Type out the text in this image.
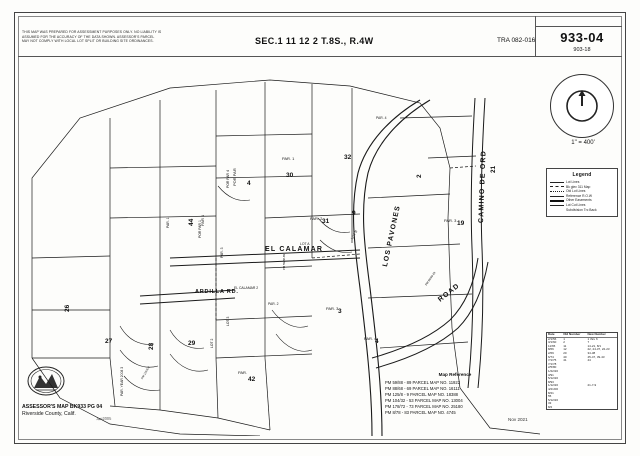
THIS MAP WAS PREPARED FOR ASSESSMENT PURPOSES ONLY. NO LIABILITY IS ASSUMED FOR THE ACCURACY OF THE DATA SHOWN. ASSESSOR'S PARCEL MAY NOT COMPLY WITH LOCAL LOT SPLIT OR BUILDING SITE ORDINANCES.	SEC.1 11 12 2 T.8S., R.4W	TRA 082-016	933-04
903-18
1" = 400'
Legend
Lot Lines
Bk glev 311 Map
Old Lot Lines
Reference R.O.W
Other Easements
Lot Cut Lines
Subdivision Trc Back
Date	Old Number	New Number
2/1/56	1	1 thru 6
3/1/60	2	7
11/65	11	14-21, 8/1
8/66	12	22, 24-37, 22-23
2/69	20	34-38
6/74	40	45-47, 39-43
7/1/75	41	44
7/1/78		
2/5/80		
1/22/20		
3/91		
5/12/20		
8/93		
1/12/20		21-7-9
4/21/00		
8/21		
55		
5/12/20		
33		
8/2		
Map Reference
PM 59/88 - 89 PARCEL MAP NO. 11922
PM 88/68 - 69 PARCEL MAP NO. 16111
PM 125/8 - 9 PARCEL MAP NO. 18388
PM 104/32 - 53 PARCEL MAP NO. 13004
PM 178/72 - 73 PARCEL MAP NO. 25180
PM 8/78 - 83 PARCEL MAP NO. 4745
ASSESSOR'S MAP BK933 PG 04
Riverside County, Calif.
Jan2005	Nov 2021
EL CALAMAR
ARDILLA RD.
LOS PAVONES
ROAD
CAMINO DE ORD
26
27
28	29
44 PAR 1
4
POR PAR	30
PAR. 1	32
31
PAR. 2
9
19
PAR. 3
21
2
3
PAR. 3
4
PAR. 4
42
PAR.
LOT A
LOT B
LOT 2
LOT 3
PAR. 1
PAR. 2
PAR. 3
PAR. 4
POR PAR 1
POR PAR 4
EL CALAMAR 2
PAR. YEAR 2008 3	PM 125/8-9
PM 59/88-89
PM 88/68-69
